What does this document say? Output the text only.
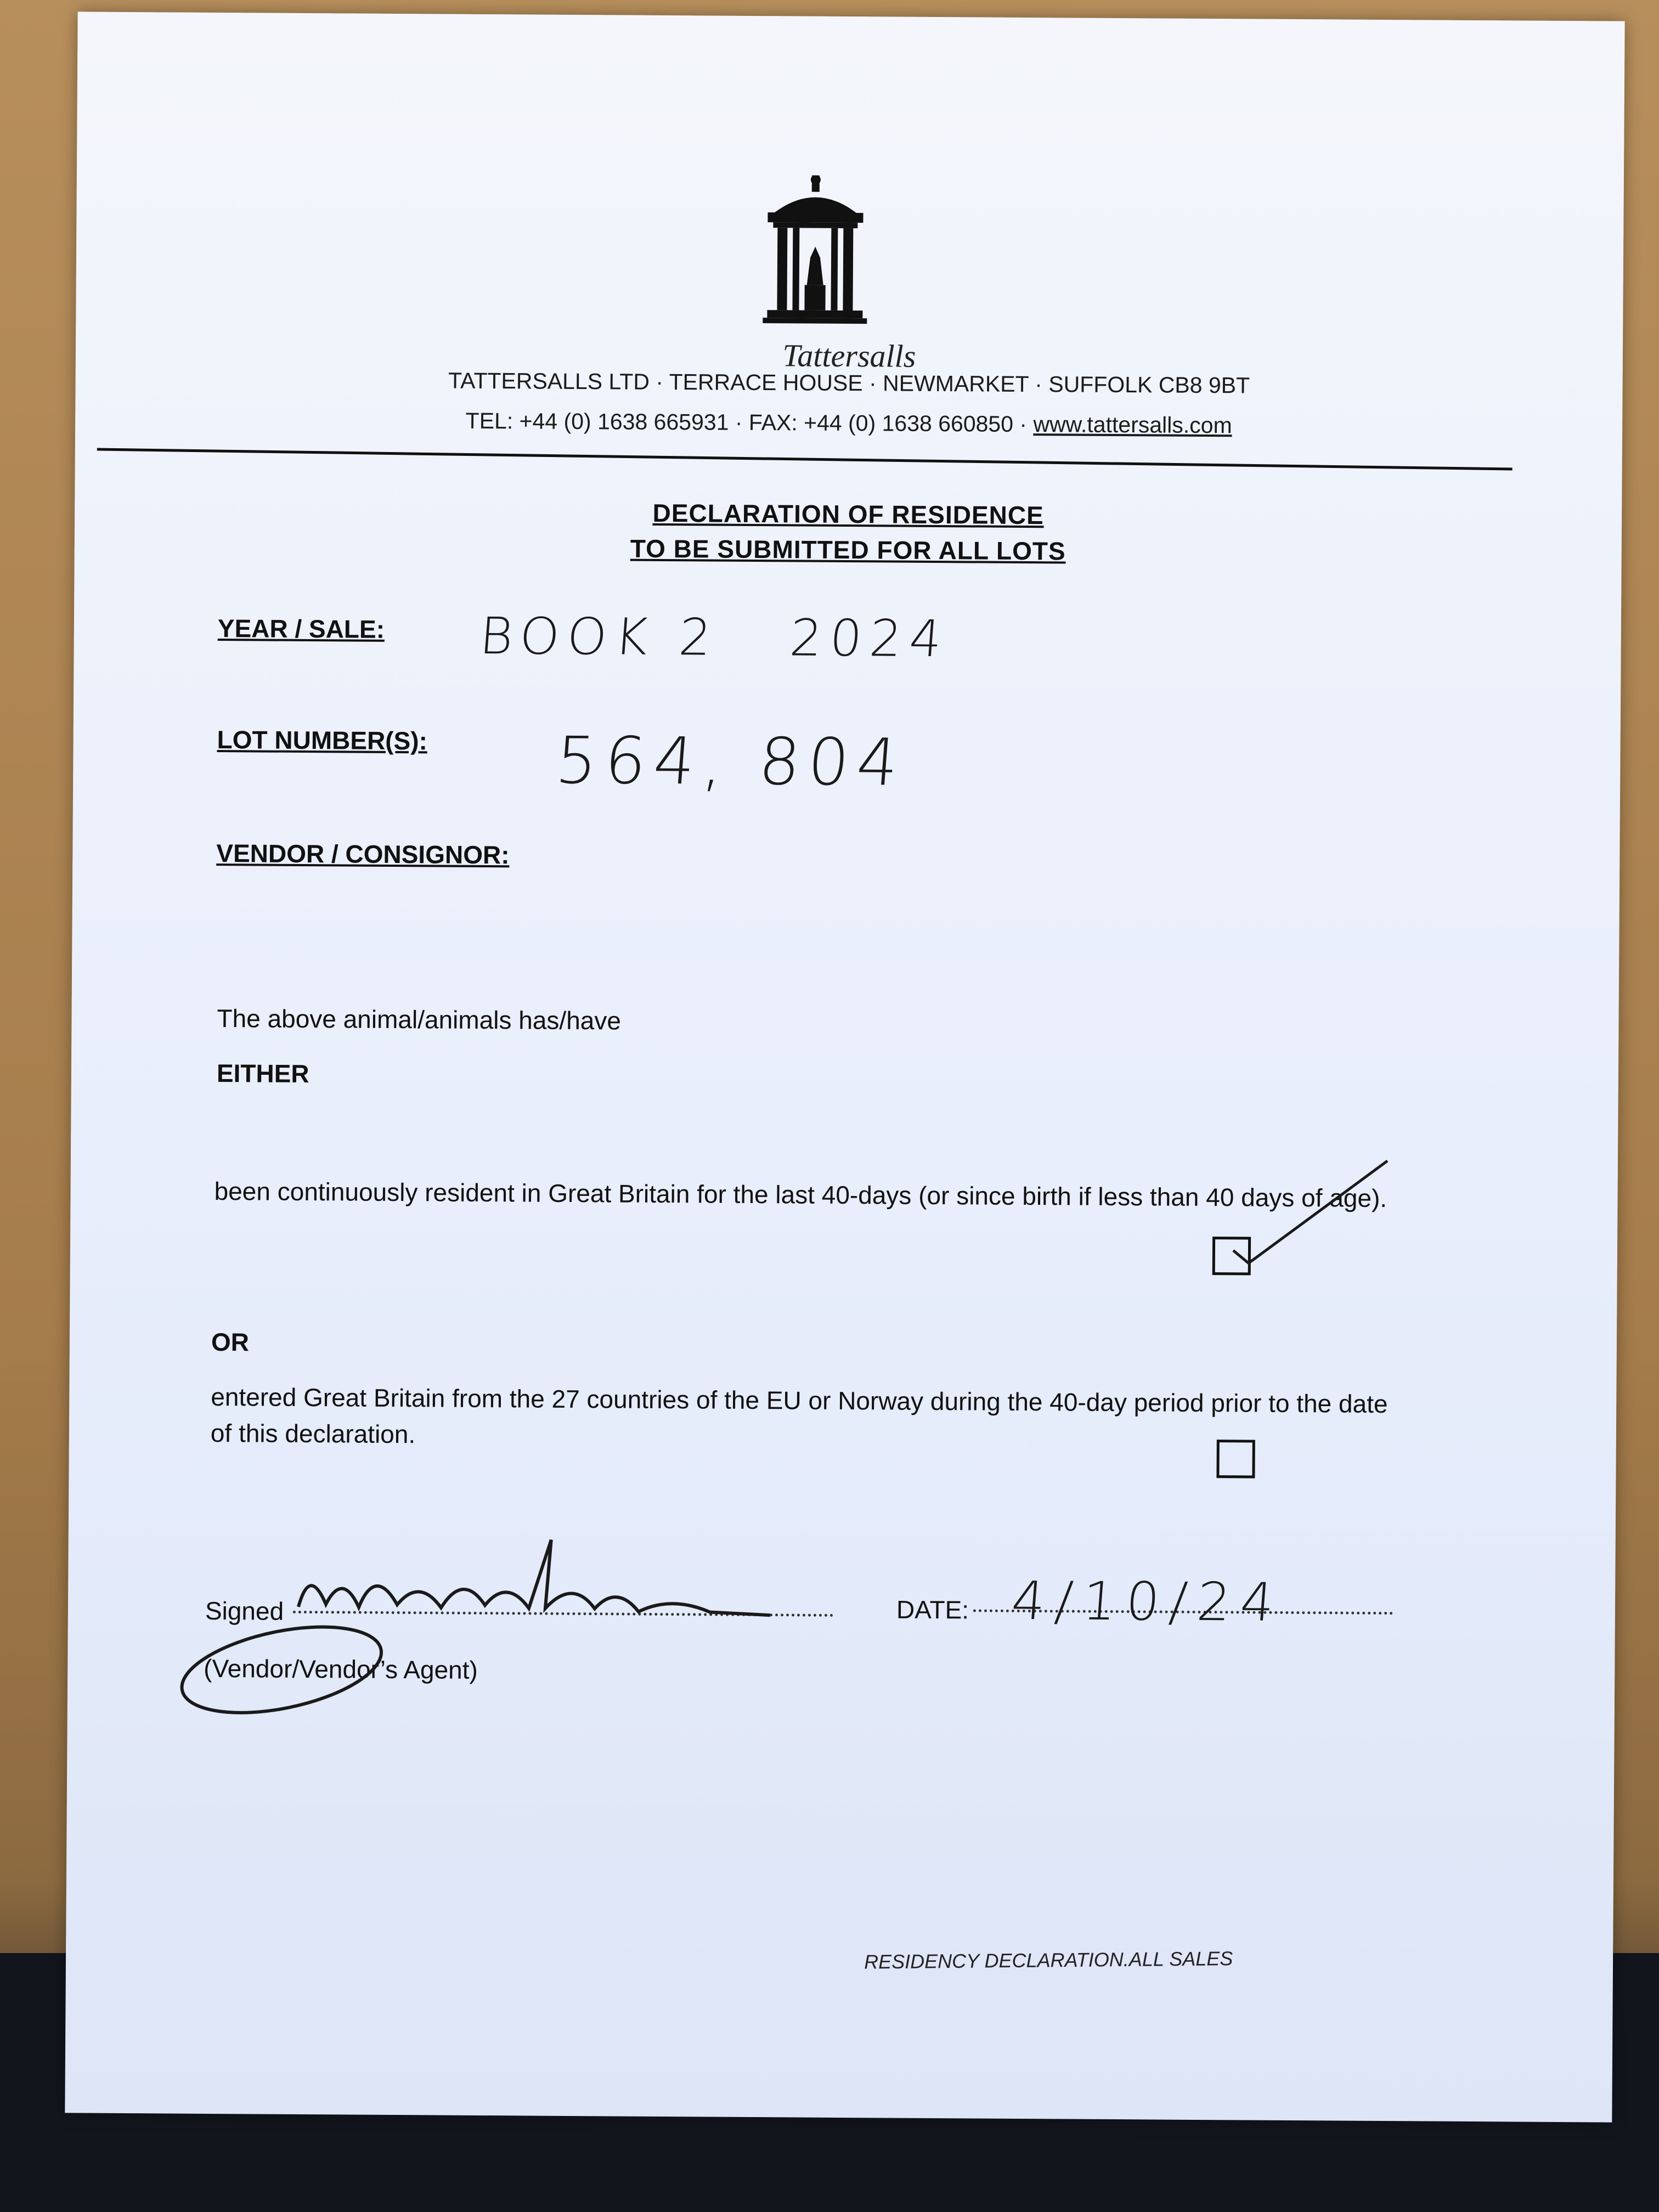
Tattersalls
TATTERSALLS LTD · TERRACE HOUSE · NEWMARKET · SUFFOLK CB8 9BT
TEL: +44 (0) 1638 665931 · FAX: +44 (0) 1638 660850 · www.tattersalls.com
DECLARATION OF RESIDENCE
TO BE SUBMITTED FOR ALL LOTS
YEAR / SALE: BOOK 2   2024
LOT NUMBER(S): 564, 804
VENDOR / CONSIGNOR:
The above animal/animals has/have
EITHER
been continuously resident in Great Britain for the last 40-days (or since birth if less than 40 days of age).
OR
entered Great Britain from the 27 countries of the EU or Norway during the 40-day period prior to the date of this declaration.
Signed	DATE: 4/10/24
(Vendor/Vendor’s Agent)
RESIDENCY DECLARATION.ALL SALES
